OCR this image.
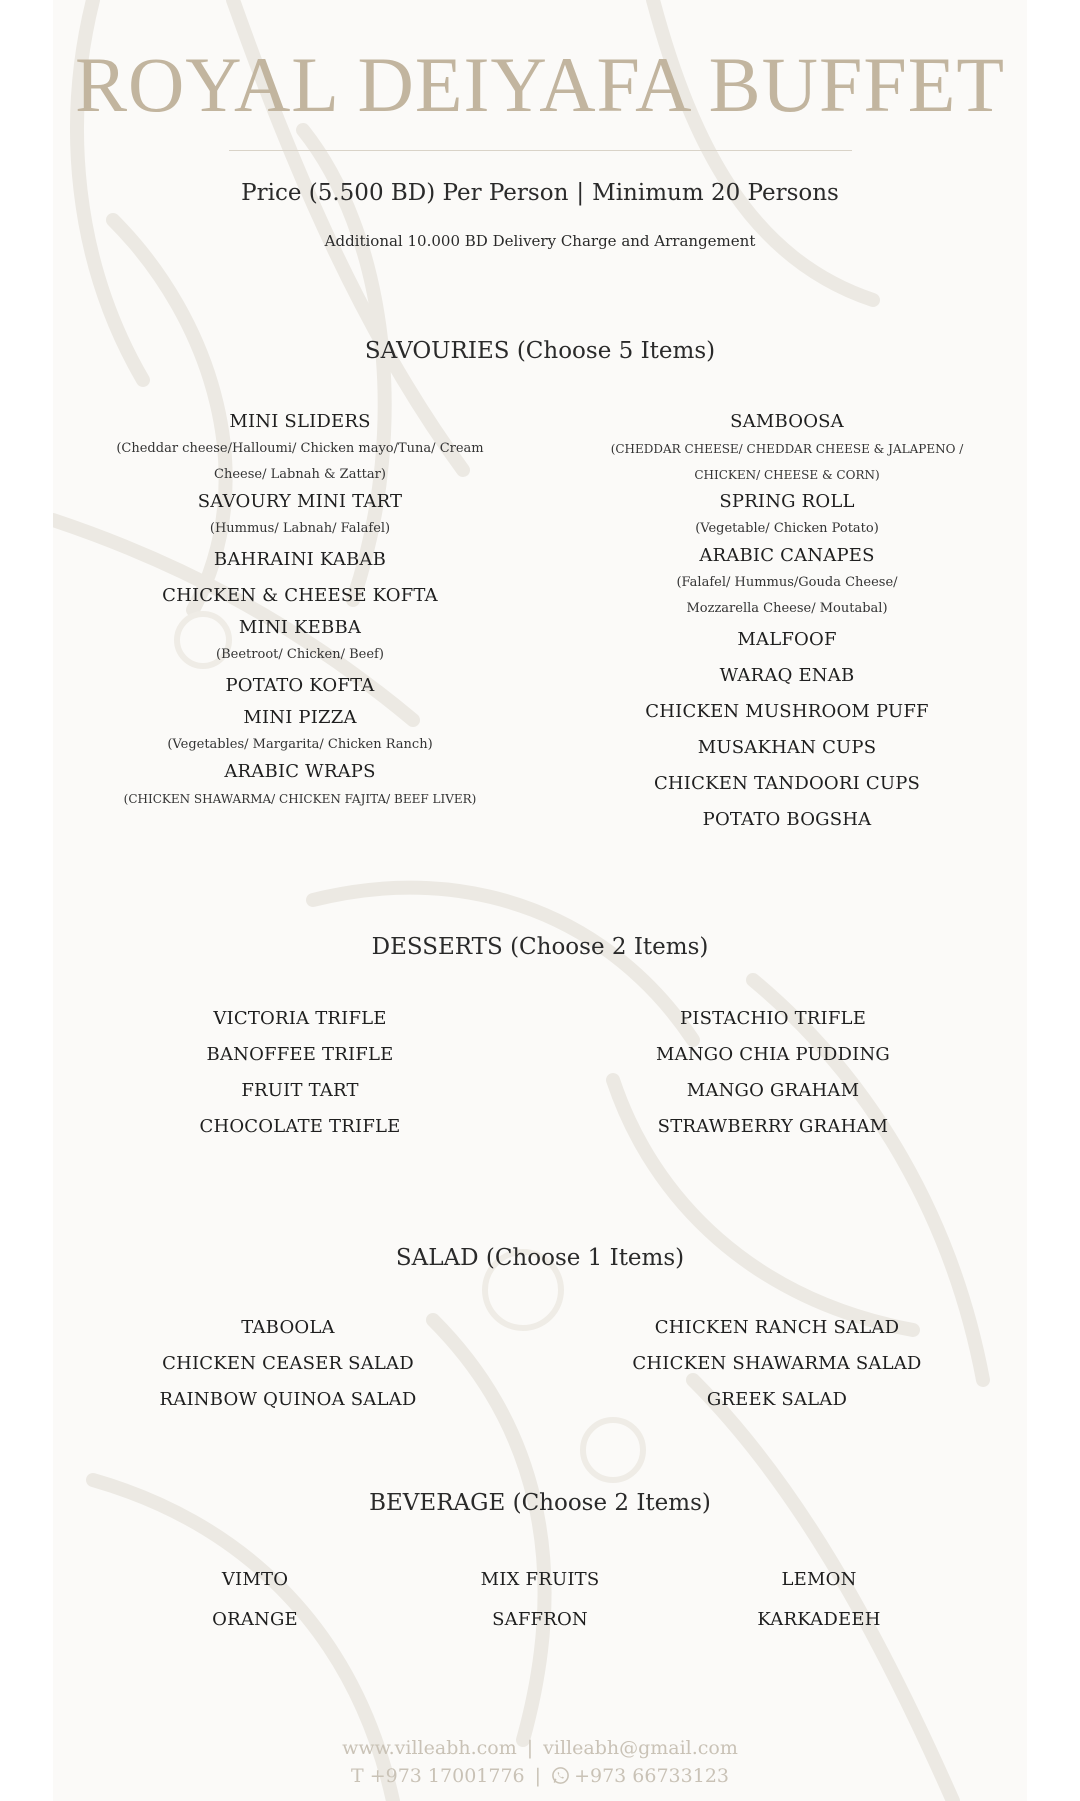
ROYAL DEIYAFA BUFFET
Price (5.500 BD) Per Person | Minimum 20 Persons
Additional 10.000 BD Delivery Charge and Arrangement
SAVOURIES (Choose 5 Items)
MINI SLIDERS
(Cheddar cheese/Halloumi/ Chicken mayo/Tuna/ Cream Cheese/ Labnah & Zattar)
SAVOURY MINI TART
(Hummus/ Labnah/ Falafel)
BAHRAINI KABAB
CHICKEN & CHEESE KOFTA
MINI KEBBA
(Beetroot/ Chicken/ Beef)
POTATO KOFTA
MINI PIZZA
(Vegetables/ Margarita/ Chicken Ranch)
ARABIC WRAPS
(CHICKEN SHAWARMA/ CHICKEN FAJITA/ BEEF LIVER)
SAMBOOSA
(CHEDDAR CHEESE/ CHEDDAR CHEESE & JALAPENO / CHICKEN/ CHEESE & CORN)
SPRING ROLL
(Vegetable/ Chicken Potato)
ARABIC CANAPES
(Falafel/ Hummus/Gouda Cheese/ Mozzarella Cheese/ Moutabal)
MALFOOF
WARAQ ENAB
CHICKEN MUSHROOM PUFF
MUSAKHAN CUPS
CHICKEN TANDOORI CUPS
POTATO BOGSHA
DESSERTS (Choose 2 Items)
VICTORIA TRIFLE
BANOFFEE TRIFLE
FRUIT TART
CHOCOLATE TRIFLE
PISTACHIO TRIFLE
MANGO CHIA PUDDING
MANGO GRAHAM
STRAWBERRY GRAHAM
SALAD (Choose 1 Items)
TABOOLA
CHICKEN CEASER SALAD
RAINBOW QUINOA SALAD
CHICKEN RANCH SALAD
CHICKEN SHAWARMA SALAD
GREEK SALAD
BEVERAGE (Choose 2 Items)
VIMTO
ORANGE
MIX FRUITS
SAFFRON
LEMON
KARKADEEH
www.villeabh.com | villeabh@gmail.com
T +973 17001776 | +973 66733123
